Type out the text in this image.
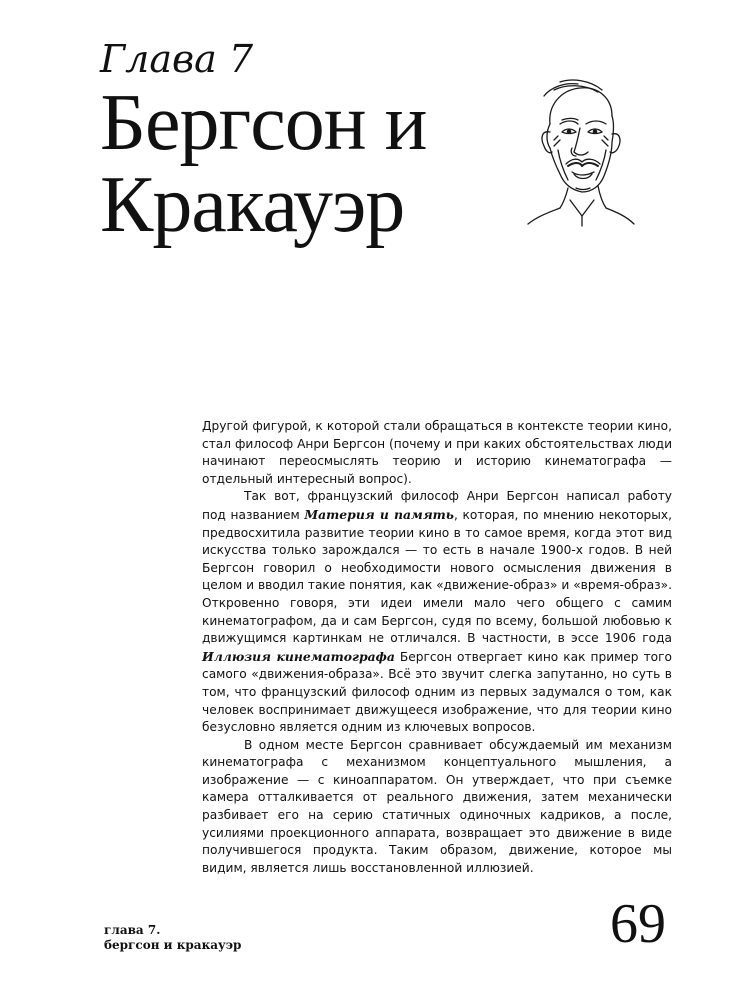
Глава 7
Бергсон и
Кракауэр

Другой фигурой, к которой стали обращаться в контексте теории кино, стал философ Анри Бергсон (почему и при каких обстоятельствах люди начинают переосмыслять теорию и историю кинематографа — отдельный интересный вопрос).

Так вот, французский философ Анри Бергсон написал работу под названием Материя и память, которая, по мнению некоторых, предвосхитила развитие теории кино в то самое время, когда этот вид искусства только зарождался — то есть в начале 1900-х годов. В ней Бергсон говорил о необходимости нового осмысления движения в целом и вводил такие понятия, как «движение-образ» и «время-образ». Откровенно говоря, эти идеи имели мало чего общего с самим кинематографом, да и сам Бергсон, судя по всему, большой любовью к движущимся картинкам не отличался. В частности, в эссе 1906 года Иллюзия кинематографа Бергсон отвергает кино как пример того самого «движения-образа». Всё это звучит слегка запутанно, но суть в том, что французский философ одним из первых задумался о том, как человек воспринимает движущееся изображение, что для теории кино безусловно является одним из ключевых вопросов.

В одном месте Бергсон сравнивает обсуждаемый им механизм кинематографа с механизмом концептуального мышления, а изображение — с киноаппаратом. Он утверждает, что при съемке камера отталкивается от реального движения, затем механически разбивает его на серию статичных одиночных кадриков, а после, усилиями проекционного аппарата, возвращает это движение в виде получившегося продукта. Таким образом, движение, которое мы видим, является лишь восстановленной иллюзией.

глава 7.
бергсон и кракауэр	69
